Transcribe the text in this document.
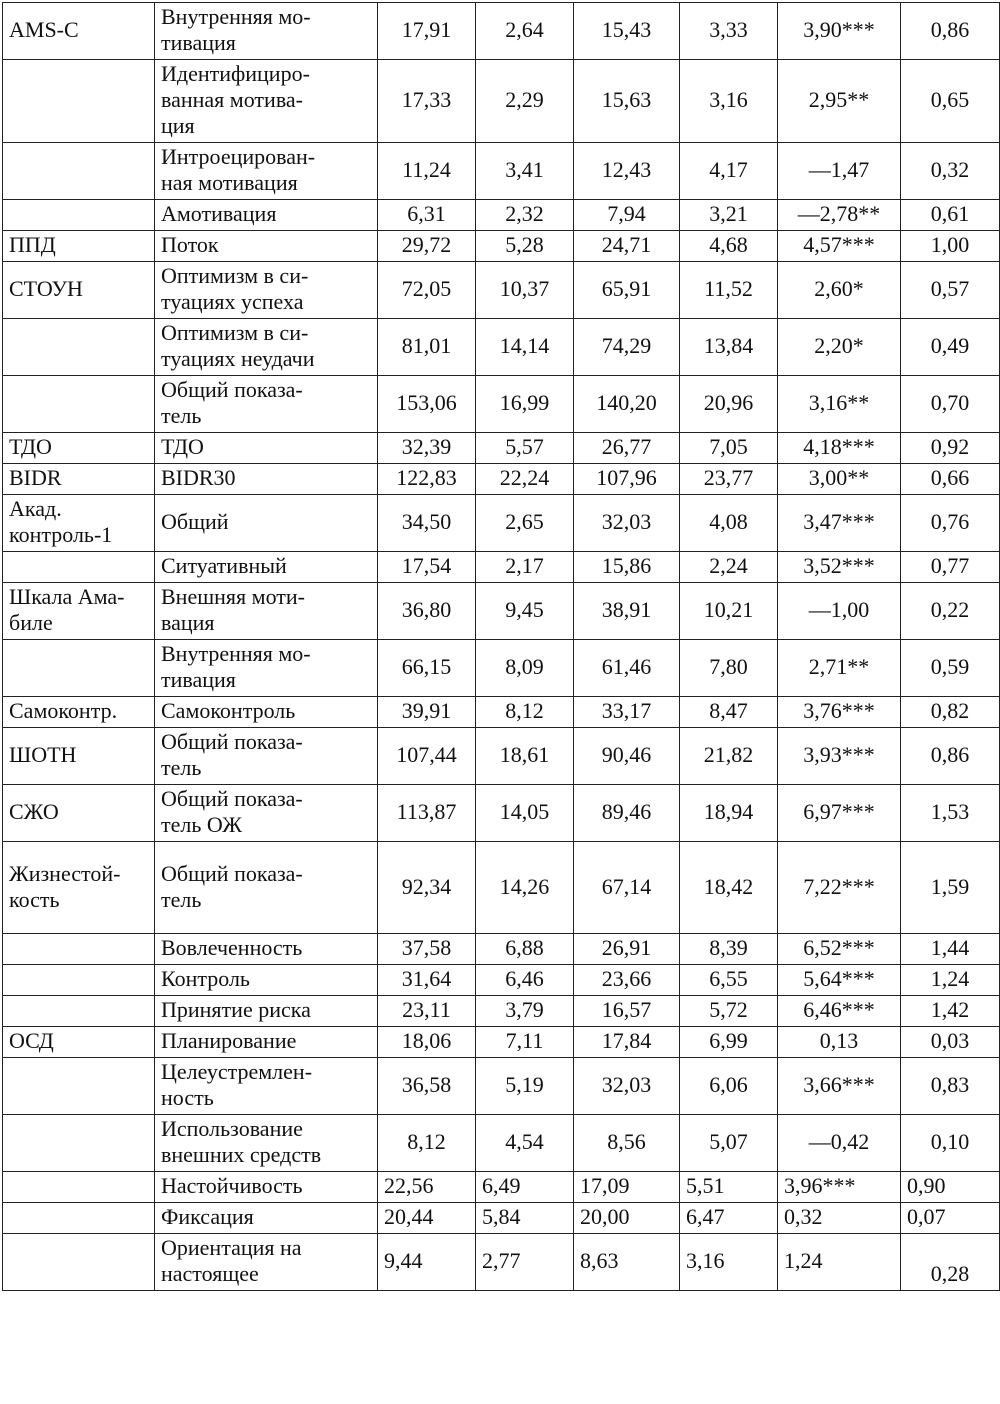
AMS-C	Внутренняя мо-
тивация	17,91	2,64	15,43	3,33	3,90***	0,86
	Идентифициро-
ванная мотива-
ция	17,33	2,29	15,63	3,16	2,95**	0,65
	Интроецирован-
ная мотивация	11,24	3,41	12,43	4,17	—1,47	0,32
	Амотивация	6,31	2,32	7,94	3,21	—2,78**	0,61
ППД	Поток	29,72	5,28	24,71	4,68	4,57***	1,00
СТОУН	Оптимизм в си-
туациях успеха	72,05	10,37	65,91	11,52	2,60*	0,57
	Оптимизм в си-
туациях неудачи	81,01	14,14	74,29	13,84	2,20*	0,49
	Общий показа-
тель	153,06	16,99	140,20	20,96	3,16**	0,70
ТДО	ТДО	32,39	5,57	26,77	7,05	4,18***	0,92
BIDR	BIDR30	122,83	22,24	107,96	23,77	3,00**	0,66
Акад.
контроль-1	Общий	34,50	2,65	32,03	4,08	3,47***	0,76
	Ситуативный	17,54	2,17	15,86	2,24	3,52***	0,77
Шкала Ама-
биле	Внешняя моти-
вация	36,80	9,45	38,91	10,21	—1,00	0,22
	Внутренняя мо-
тивация	66,15	8,09	61,46	7,80	2,71**	0,59
Самоконтр.	Самоконтроль	39,91	8,12	33,17	8,47	3,76***	0,82
ШОТН	Общий показа-
тель	107,44	18,61	90,46	21,82	3,93***	0,86
СЖО	Общий показа-
тель ОЖ	113,87	14,05	89,46	18,94	6,97***	1,53
Жизнестой-
кость	Общий показа-
тель	92,34	14,26	67,14	18,42	7,22***	1,59
	Вовлеченность	37,58	6,88	26,91	8,39	6,52***	1,44
	Контроль	31,64	6,46	23,66	6,55	5,64***	1,24
	Принятие риска	23,11	3,79	16,57	5,72	6,46***	1,42
ОСД	Планирование	18,06	7,11	17,84	6,99	0,13	0,03
	Целеустремлен-
ность	36,58	5,19	32,03	6,06	3,66***	0,83
	Использование
внешних средств	8,12	4,54	8,56	5,07	—0,42	0,10
	Настойчивость	22,56	6,49	17,09	5,51	3,96***	0,90
	Фиксация	20,44	5,84	20,00	6,47	0,32	0,07
	Ориентация на
настоящее	9,44	2,77	8,63	3,16	1,24	0,28
